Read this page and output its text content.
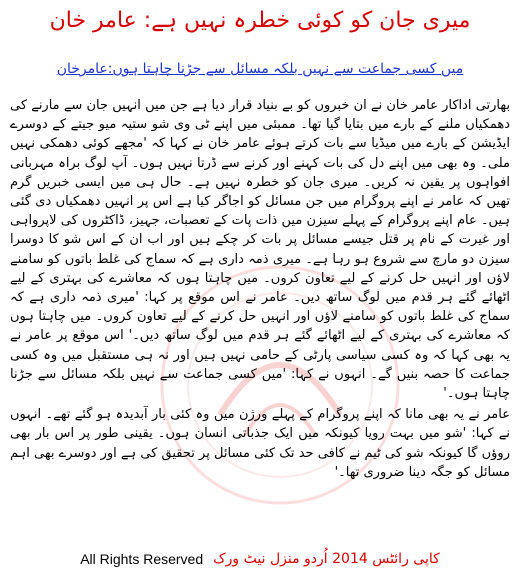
میری جان کو کوئی خطرہ نہیں ہے: عامر خان
میں کسی جماعت سے نہیں بلکہ مسائل سے جڑنا چاہتا ہوں:عامرخان

بھارتی اداکار عامر خان نے ان خبروں کو بے بنیاد قرار دیا ہے جن میں انہیں جان سے مارنے کی دھمکیاں ملنے کے بارے میں بتایا گیا تھا۔ ممبئی میں اپنے ٹی وی شو ستیہ میو جیتے کے دوسرے ایڈیشن کے بارے میں میڈیا سے بات کرتے ہوئے عامر خان نے کہا کہ 'مجھے کوئی دھمکی نہیں ملی۔ وہ بھی میں اپنے دل کی بات کہنے اور کرنے سے ڈرتا نہیں ہوں۔ آپ لوگ براہ مہربانی افواہوں پر یقین نہ کریں۔ میری جان کو خطرہ نہیں ہے۔ حال ہی میں ایسی خبریں گرم تھیں کہ عامر نے اپنے پروگرام میں جن مسائل کو اجاگر کیا ہے اس پر انہیں دھمکیاں دی گئی ہیں۔ عام اپنے پروگرام کے پہلے سیزن میں ذات پات کے تعصبات، جہیز، ڈاکٹروں کی لاپرواہی اور غیرت کے نام پر قتل جیسے مسائل پر بات کر چکے ہیں اور اب ان کے اس شو کا دوسرا سیزن دو مارچ سے شروع ہو رہا ہے۔ میری ذمہ داری ہے کہ سماج کی غلط باتوں کو سامنے لاؤں اور انہیں حل کرنے کے لیے تعاون کروں۔ میں چاہتا ہوں کہ معاشرے کی بہتری کے لیے اٹھائے گئے ہر قدم میں لوگ ساتھ دیں۔ عامر نے اس موقع پر کہا: 'میری ذمہ داری ہے کہ سماج کی غلط باتوں کو سامنے لاؤں اور انہیں حل کرنے کے لیے تعاون کروں۔ میں چاہتا ہوں کہ معاشرے کی بہتری کے لیے اٹھائے گئے ہر قدم میں لوگ ساتھ دیں۔' اس موقع پر عامر نے یہ بھی کہا کہ وہ کسی سیاسی پارٹی کے حامی نہیں ہیں اور نہ ہی مستقبل میں وہ کسی جماعت کا حصہ بنیں گے۔ انہوں نے کہا: 'میں کسی جماعت سے نہیں بلکہ مسائل سے جڑنا چاہتا ہوں۔'

عامر نے یہ بھی مانا کہ اپنے پروگرام کے پہلے ورژن میں وہ کئی بار آبدیدہ ہو گئے تھے۔ انہوں نے کہا: 'شو میں بہت رویا کیونکہ میں ایک جذباتی انسان ہوں۔ یقینی طور پر اس بار بھی روؤں گا کیونکہ شو کی ٹیم نے کافی حد تک کئی مسائل پر تحقیق کی ہے اور دوسرے بھی اہم مسائل کو جگہ دینا ضروری تھا۔'

All Rights Reserved کاپی رائٹس 2014 اُردو منزل نیٹ ورک
